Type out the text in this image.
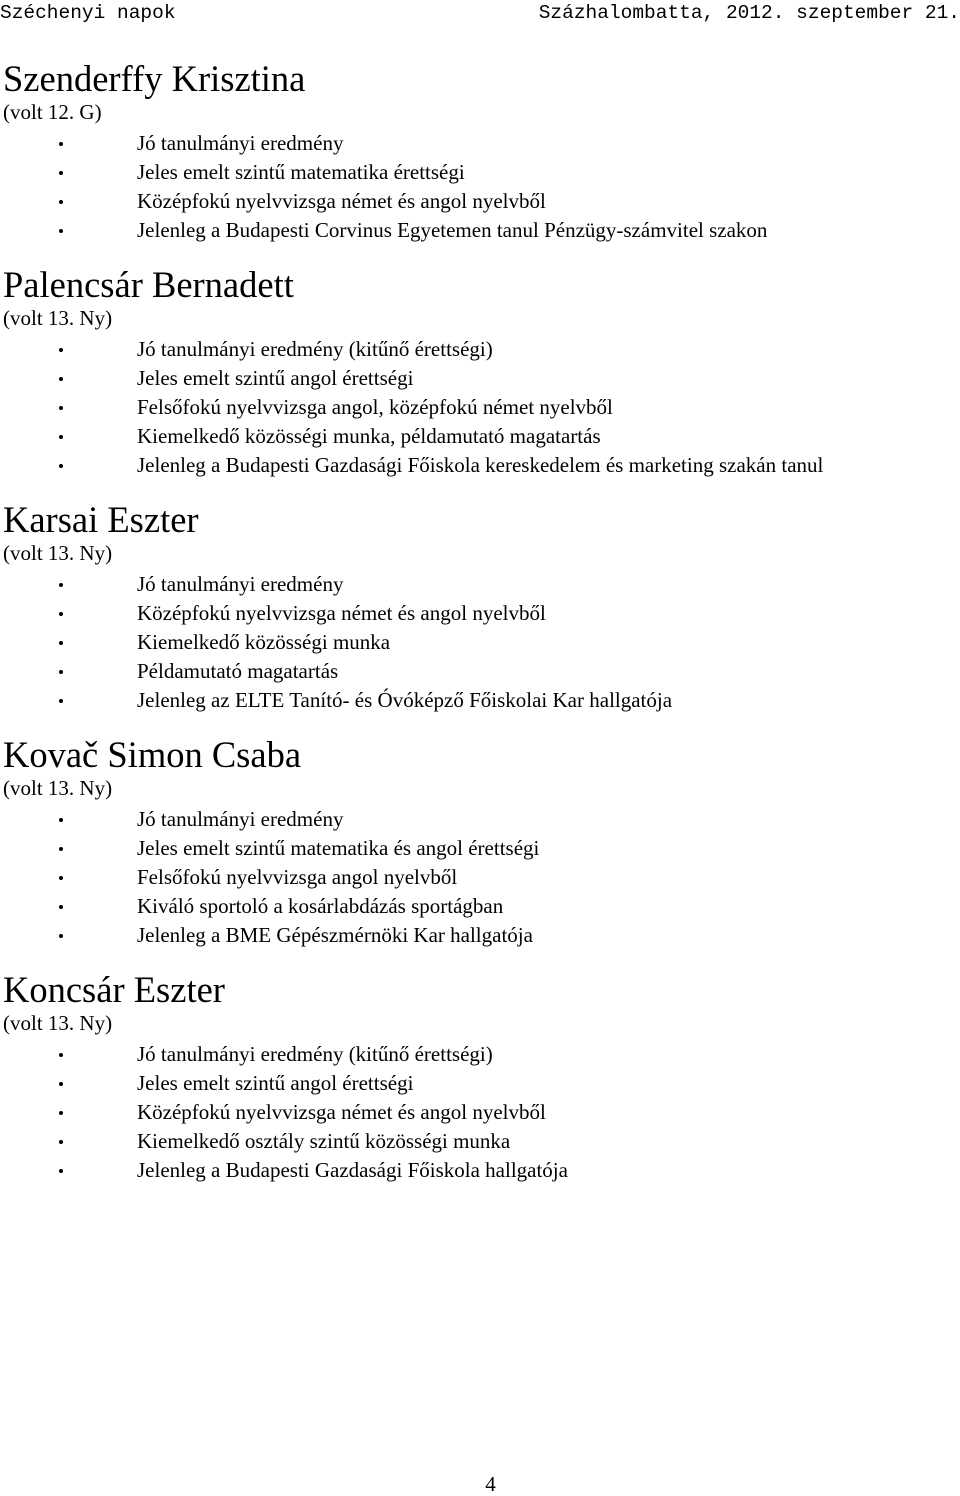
Széchenyi napok	Százhalombatta, 2012. szeptember 21.
Szenderffy Krisztina
(volt 12. G)
Jó tanulmányi eredmény
Jeles emelt szintű matematika érettségi
Középfokú nyelvvizsga német és angol nyelvből
Jelenleg a Budapesti Corvinus Egyetemen tanul Pénzügy-számvitel szakon
Palencsár Bernadett
(volt 13. Ny)
Jó tanulmányi eredmény (kitűnő érettségi)
Jeles emelt szintű angol érettségi
Felsőfokú nyelvvizsga angol, középfokú német nyelvből
Kiemelkedő közösségi munka, példamutató magatartás
Jelenleg a Budapesti Gazdasági Főiskola kereskedelem és marketing szakán tanul
Karsai Eszter
(volt 13. Ny)
Jó tanulmányi eredmény
Középfokú nyelvvizsga német és angol nyelvből
Kiemelkedő közösségi munka
Példamutató magatartás
Jelenleg az ELTE Tanító- és Óvóképző Főiskolai Kar hallgatója
Kovač Simon Csaba
(volt 13. Ny)
Jó tanulmányi eredmény
Jeles emelt szintű matematika és angol érettségi
Felsőfokú nyelvvizsga angol nyelvből
Kiváló sportoló a kosárlabdázás sportágban
Jelenleg a BME Gépészmérnöki Kar hallgatója
Koncsár Eszter
(volt 13. Ny)
Jó tanulmányi eredmény (kitűnő érettségi)
Jeles emelt szintű angol érettségi
Középfokú nyelvvizsga német és angol nyelvből
Kiemelkedő osztály szintű közösségi munka
Jelenleg a Budapesti Gazdasági Főiskola hallgatója
4
